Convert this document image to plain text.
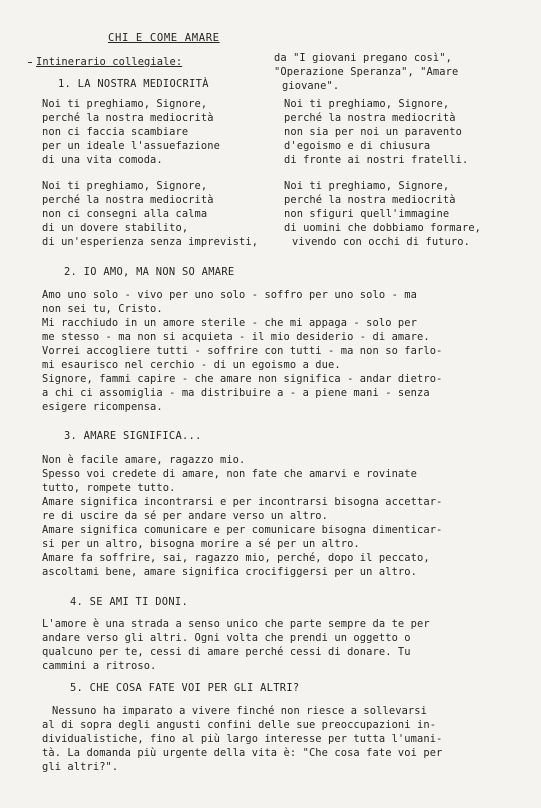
CHI E COME AMARE
Intinerario collegiale:	da "I giovani pregano così",
"Operazione Speranza", "Amare
giovane".
1. LA NOSTRA MEDIOCRITÀ
Noi ti preghiamo, Signore,
perché la nostra mediocrità
non ci faccia scambiare
per un ideale l'assuefazione
di una vita comoda.
Noi ti preghiamo, Signore,
perché la nostra mediocrità
non sia per noi un paravento
d'egoismo e di chiusura
di fronte ai nostri fratelli.
Noi ti preghiamo, Signore,
perché la nostra mediocrità
non ci consegni alla calma
di un dovere stabilito,
di un'esperienza senza imprevisti,
Noi ti preghiamo, Signore,
perché la nostra mediocrità
non sfiguri quell'immagine
di uomini che dobbiamo formare,
vivendo con occhi di futuro.
2. IO AMO, MA NON SO AMARE
Amo uno solo - vivo per uno solo - soffro per uno solo - ma
non sei tu, Cristo.
Mi racchiudo in un amore sterile - che mi appaga - solo per
me stesso - ma non si acquieta - il mio desiderio - di amare.
Vorrei accogliere tutti - soffrire con tutti - ma non so farlo-
mi esaurisco nel cerchio - di un egoismo a due.
Signore, fammi capire - che amare non significa - andar dietro-
a chi ci assomiglia - ma distribuire a - a piene mani - senza
esigere ricompensa.
3. AMARE SIGNIFICA...
Non è facile amare, ragazzo mio.
Spesso voi credete di amare, non fate che amarvi e rovinate
tutto, rompete tutto.
Amare significa incontrarsi e per incontrarsi bisogna accettar-
re di uscire da sé per andare verso un altro.
Amare significa comunicare e per comunicare bisogna dimenticar-
si per un altro, bisogna morire a sé per un altro.
Amare fa soffrire, sai, ragazzo mio, perché, dopo il peccato,
ascoltami bene, amare significa crocifiggersi per un altro.
4. SE AMI TI DONI.
L'amore è una strada a senso unico che parte sempre da te per
andare verso gli altri. Ogni volta che prendi un oggetto o
qualcuno per te, cessi di amare perché cessi di donare. Tu
cammini a ritroso.
5. CHE COSA FATE VOI PER GLI ALTRI?
Nessuno ha imparato a vivere finché non riesce a sollevarsi
al di sopra degli angusti confini delle sue preoccupazioni in-
dividualistiche, fino al più largo interesse per tutta l'umani-
tà. La domanda più urgente della vita è: "Che cosa fate voi per
gli altri?".
